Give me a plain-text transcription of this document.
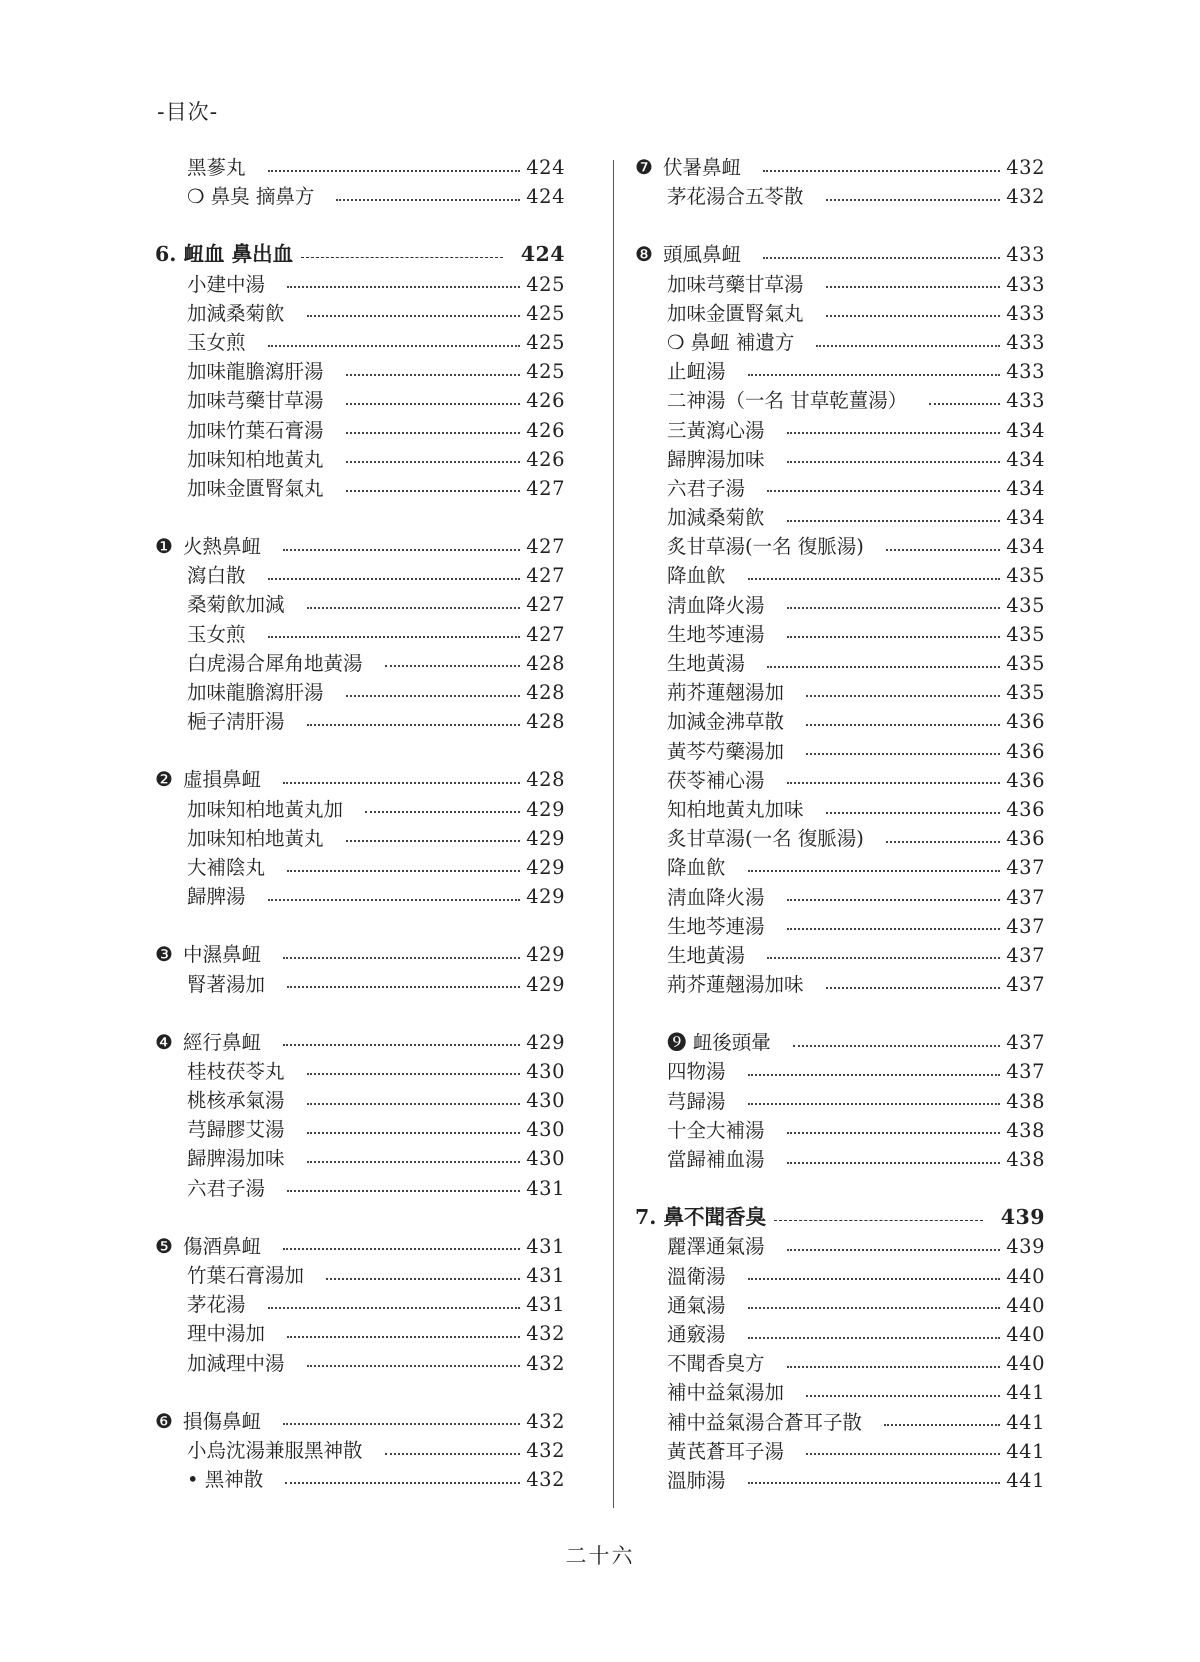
-目次-
黑蔘丸	424
❍ 鼻臭 摘鼻方	424
6. 衄血 鼻出血	424
小建中湯	425
加減桑菊飮	425
玉女煎	425
加味龍膽瀉肝湯	425
加味芎藥甘草湯	426
加味竹葉石膏湯	426
加味知柏地黃丸	426
加味金匱腎氣丸	427
❶ 火熱鼻衄	427
瀉白散	427
桑菊飮加減	427
玉女煎	427
白虎湯合犀角地黃湯	428
加味龍膽瀉肝湯	428
梔子淸肝湯	428
❷ 虛損鼻衄	428
加味知柏地黃丸加	429
加味知柏地黃丸	429
大補陰丸	429
歸脾湯	429
❸ 中濕鼻衄	429
腎著湯加	429
❹ 經行鼻衄	429
桂枝茯苓丸	430
桃核承氣湯	430
芎歸膠艾湯	430
歸脾湯加味	430
六君子湯	431
❺ 傷酒鼻衄	431
竹葉石膏湯加	431
茅花湯	431
理中湯加	432
加減理中湯	432
❻ 損傷鼻衄	432
小烏沈湯兼服黑神散	432
• 黑神散	432
❼ 伏暑鼻衄	432
茅花湯合五苓散	432
❽ 頭風鼻衄	433
加味芎藥甘草湯	433
加味金匱腎氣丸	433
❍ 鼻衄 補遺方	433
止衄湯	433
二神湯（一名 甘草乾薑湯）	433
三黃瀉心湯	434
歸脾湯加味	434
六君子湯	434
加減桑菊飮	434
炙甘草湯(一名 復脈湯)	434
降血飮	435
淸血降火湯	435
生地芩連湯	435
生地黃湯	435
荊芥蓮翹湯加	435
加減金沸草散	436
黃芩芍藥湯加	436
茯苓補心湯	436
知柏地黃丸加味	436
炙甘草湯(一名 復脈湯)	436
降血飮	437
淸血降火湯	437
生地芩連湯	437
生地黃湯	437
荊芥蓮翹湯加味	437
❾ 衄後頭暈	437
四物湯	437
芎歸湯	438
十全大補湯	438
當歸補血湯	438
7. 鼻不聞香臭	439
麗澤通氣湯	439
溫衛湯	440
通氣湯	440
通竅湯	440
不聞香臭方	440
補中益氣湯加	441
補中益氣湯合蒼耳子散	441
黃芪蒼耳子湯	441
溫肺湯	441
二十六
